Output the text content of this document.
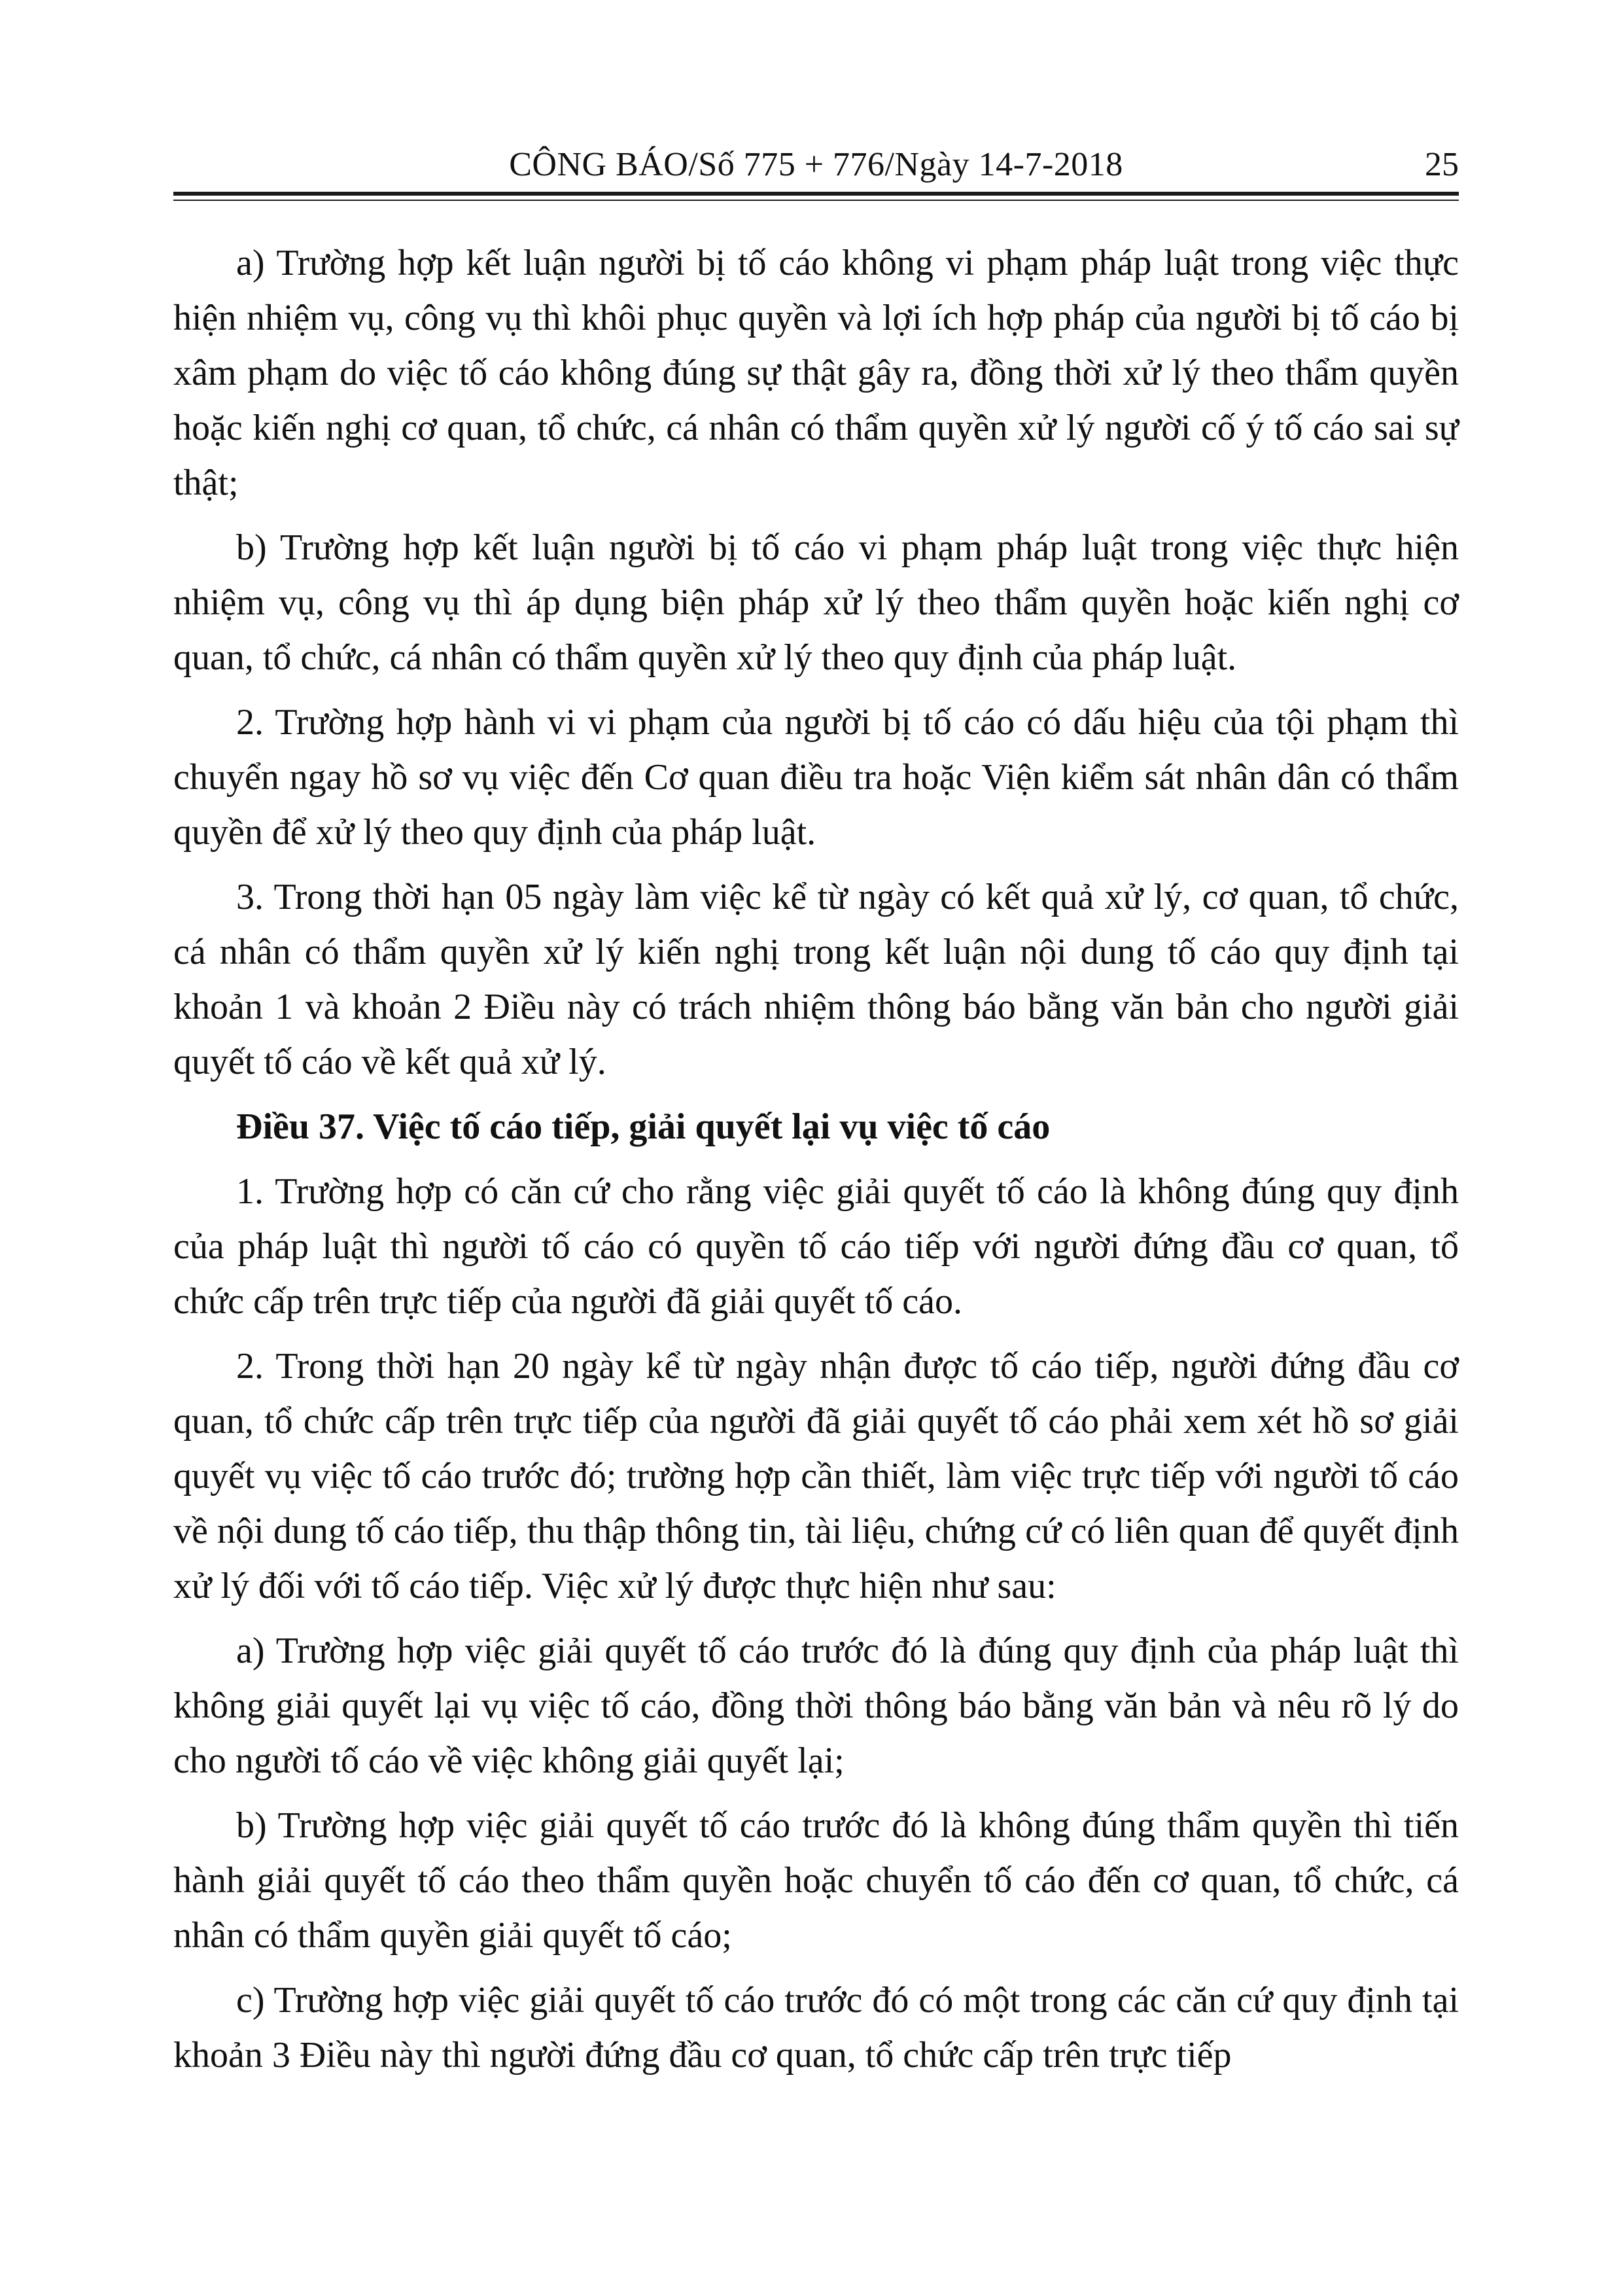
CÔNG BÁO/Số 775 + 776/Ngày 14-7-2018	25

a) Trường hợp kết luận người bị tố cáo không vi phạm pháp luật trong việc thực hiện nhiệm vụ, công vụ thì khôi phục quyền và lợi ích hợp pháp của người bị tố cáo bị xâm phạm do việc tố cáo không đúng sự thật gây ra, đồng thời xử lý theo thẩm quyền hoặc kiến nghị cơ quan, tổ chức, cá nhân có thẩm quyền xử lý người cố ý tố cáo sai sự thật;

b) Trường hợp kết luận người bị tố cáo vi phạm pháp luật trong việc thực hiện nhiệm vụ, công vụ thì áp dụng biện pháp xử lý theo thẩm quyền hoặc kiến nghị cơ quan, tổ chức, cá nhân có thẩm quyền xử lý theo quy định của pháp luật.

2. Trường hợp hành vi vi phạm của người bị tố cáo có dấu hiệu của tội phạm thì chuyển ngay hồ sơ vụ việc đến Cơ quan điều tra hoặc Viện kiểm sát nhân dân có thẩm quyền để xử lý theo quy định của pháp luật.

3. Trong thời hạn 05 ngày làm việc kể từ ngày có kết quả xử lý, cơ quan, tổ chức, cá nhân có thẩm quyền xử lý kiến nghị trong kết luận nội dung tố cáo quy định tại khoản 1 và khoản 2 Điều này có trách nhiệm thông báo bằng văn bản cho người giải quyết tố cáo về kết quả xử lý.

Điều 37. Việc tố cáo tiếp, giải quyết lại vụ việc tố cáo

1. Trường hợp có căn cứ cho rằng việc giải quyết tố cáo là không đúng quy định của pháp luật thì người tố cáo có quyền tố cáo tiếp với người đứng đầu cơ quan, tổ chức cấp trên trực tiếp của người đã giải quyết tố cáo.

2. Trong thời hạn 20 ngày kể từ ngày nhận được tố cáo tiếp, người đứng đầu cơ quan, tổ chức cấp trên trực tiếp của người đã giải quyết tố cáo phải xem xét hồ sơ giải quyết vụ việc tố cáo trước đó; trường hợp cần thiết, làm việc trực tiếp với người tố cáo về nội dung tố cáo tiếp, thu thập thông tin, tài liệu, chứng cứ có liên quan để quyết định xử lý đối với tố cáo tiếp. Việc xử lý được thực hiện như sau:

a) Trường hợp việc giải quyết tố cáo trước đó là đúng quy định của pháp luật thì không giải quyết lại vụ việc tố cáo, đồng thời thông báo bằng văn bản và nêu rõ lý do cho người tố cáo về việc không giải quyết lại;

b) Trường hợp việc giải quyết tố cáo trước đó là không đúng thẩm quyền thì tiến hành giải quyết tố cáo theo thẩm quyền hoặc chuyển tố cáo đến cơ quan, tổ chức, cá nhân có thẩm quyền giải quyết tố cáo;

c) Trường hợp việc giải quyết tố cáo trước đó có một trong các căn cứ quy định tại khoản 3 Điều này thì người đứng đầu cơ quan, tổ chức cấp trên trực tiếp
